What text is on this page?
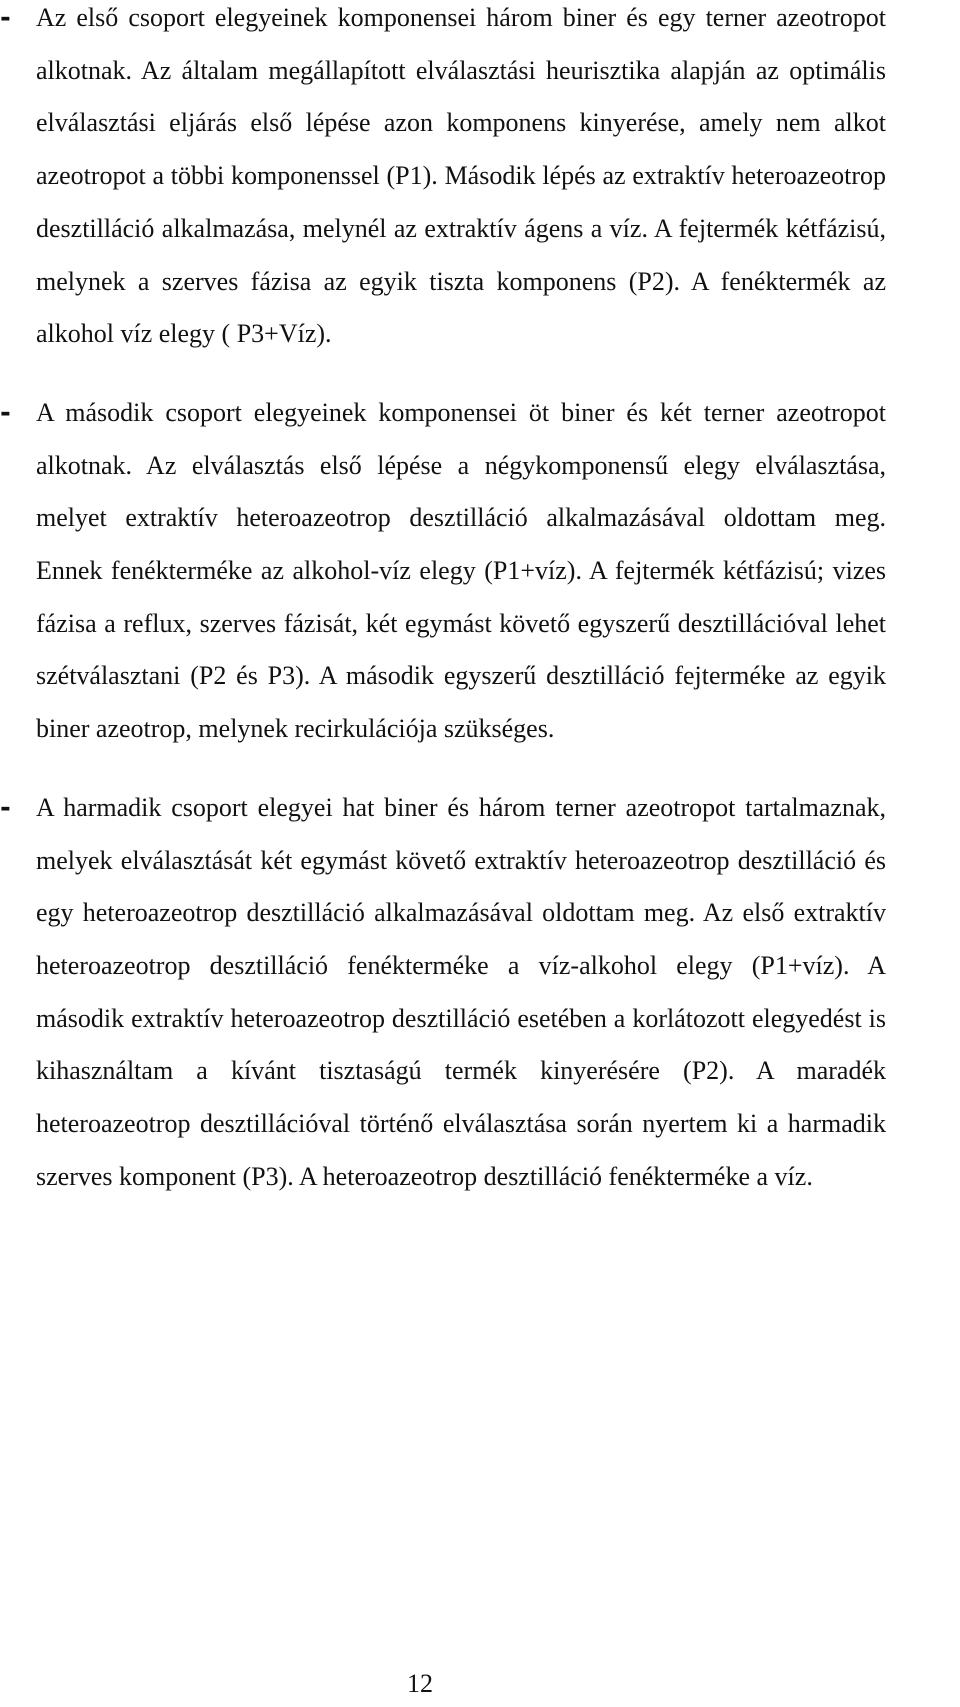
- Az első csoport elegyeinek komponensei három biner és egy terner azeotropot alkotnak. Az általam megállapított elválasztási heurisztika alapján az optimális elválasztási eljárás első lépése azon komponens kinyerése, amely nem alkot azeotropot a többi komponenssel (P1). Második lépés az extraktív heteroazeotrop desztilláció alkalmazása, melynél az extraktív ágens a víz. A fejtermék kétfázisú, melynek a szerves fázisa az egyik tiszta komponens (P2). A fenéktermék az alkohol víz elegy ( P3+Víz).
- A második csoport elegyeinek komponensei öt biner és két terner azeotropot alkotnak. Az elválasztás első lépése a négykomponensű elegy elválasztása, melyet extraktív heteroazeotrop desztilláció alkalmazásával oldottam meg. Ennek fenékterméke az alkohol-víz elegy (P1+víz). A fejtermék kétfázisú; vizes fázisa a reflux, szerves fázisát, két egymást követő egyszerű desztillációval lehet szétválasztani (P2 és P3). A második egyszerű desztilláció fejterméke az egyik biner azeotrop, melynek recirkulációja szükséges.
- A harmadik csoport elegyei hat biner és három terner azeotropot tartalmaznak, melyek elválasztását két egymást követő extraktív heteroazeotrop desztilláció és egy heteroazeotrop desztilláció alkalmazásával oldottam meg. Az első extraktív heteroazeotrop desztilláció fenékterméke a víz-alkohol elegy (P1+víz). A második extraktív heteroazeotrop desztilláció esetében a korlátozott elegyedést is kihasználtam a kívánt tisztaságú termék kinyerésére (P2). A maradék heteroazeotrop desztillációval történő elválasztása során nyertem ki a harmadik szerves komponent (P3). A heteroazeotrop desztilláció fenékterméke a víz.
12
